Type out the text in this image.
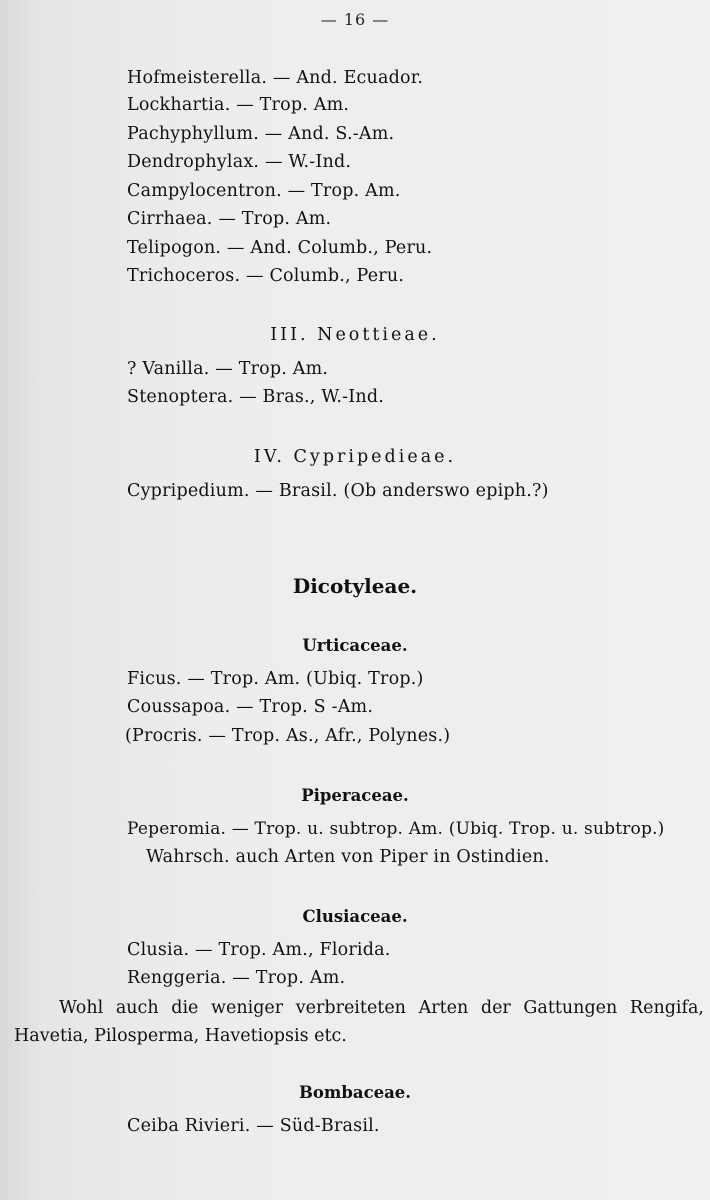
— 16 —
Hofmeisterella. — And. Ecuador.
Lockhartia. — Trop. Am.
Pachyphyllum. — And. S.-Am.
Dendrophylax. — W.-Ind.
Campylocentron. — Trop. Am.
Cirrhaea. — Trop. Am.
Telipogon. — And. Columb., Peru.
Trichoceros. — Columb., Peru.
III. Neottieae.
? Vanilla. — Trop. Am.
Stenoptera. — Bras., W.-Ind.
IV. Cypripedieae.
Cypripedium. — Brasil. (Ob anderswo epiph.?)
Dicotyleae.
Urticaceae.
Ficus. — Trop. Am. (Ubiq. Trop.)
Coussapoa. — Trop. S -Am.
(Procris. — Trop. As., Afr., Polynes.)
Piperaceae.
Peperomia. — Trop. u. subtrop. Am. (Ubiq. Trop. u. subtrop.)
Wahrsch. auch Arten von Piper in Ostindien.
Clusiaceae.
Clusia. — Trop. Am., Florida.
Renggeria. — Trop. Am.
Wohl auch die weniger verbreiteten Arten der Gattungen Rengifa, Havetia, Pilosperma, Havetiopsis etc.
Bombaceae.
Ceiba Rivieri. — Süd-Brasil.
